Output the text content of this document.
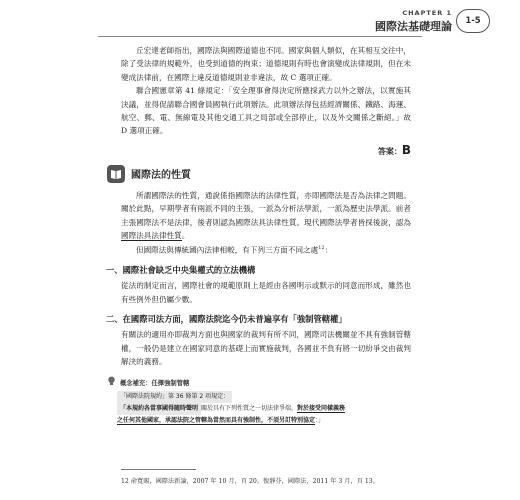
CHAPTER 1
國際法基礎理論	1-5

丘宏達老師指出，國際法與國際道德也不同。國家與個人類似，在其相互交往中，除了受法律的規範外，也受到道德的拘束；道德規則有時也會演變成法律規則，但在未變成法律前，在國際上違反道德規則並非違法，故 C 選項正確。

聯合國憲章第 41 條規定：「安全理事會得決定所應採武力以外之辦法，以實施其決議，並得促請聯合國會員國執行此項辦法。此項辦法得包括經濟關係、鐵路、海運、航空、郵、電、無線電及其他交通工具之局部或全部停止，以及外交關係之斷絕。」故 D 選項正確。

答案：B
國際法的性質

所謂國際法的性質，通說係指國際法的法律性質，亦即國際法是否為法律之問題。關於此點，早期學者有兩派不同的主張，一派為分析法學派，一派為歷史法學派。前者主張國際法不是法律，後者則認為國際法具法律性質。現代國際法學者皆採後說，認為國際法具法律性質。

但國際法與傳統國內法律相較，有下列三方面不同之處$^{12}$：

一、國際社會缺乏中央集權式的立法機構

從法的制定而言，國際社會的規範原則上是經由各國明示或默示的同意而形成，雖然也有些例外但仍屬少數。

二、在國際司法方面，國際法院迄今仍未普遍享有「強制管轄權」

有關法的適用亦即裁判方面也與國家的裁判有所不同，國際司法機關並不具有強制管轄權，一般仍是建立在國家同意的基礎上而實施裁判，各國並不負有將一切紛爭交由裁判解決的義務。

概念補充：任擇強制管轄
「國際法院規約」第 36 條第 2 項規定：
「本規約各當事國得隨時聲明 關於具有下列性質之一切法律爭端，對於接受同樣義務
之任何其他國家，承認法院之管轄為當然而具有強制性，不須另訂特別協定：」
12 俞寬賜，國際法新論，2007 年 10 月，頁 20。復靜芬，國際法，2011 年 3 月，頁 13。
